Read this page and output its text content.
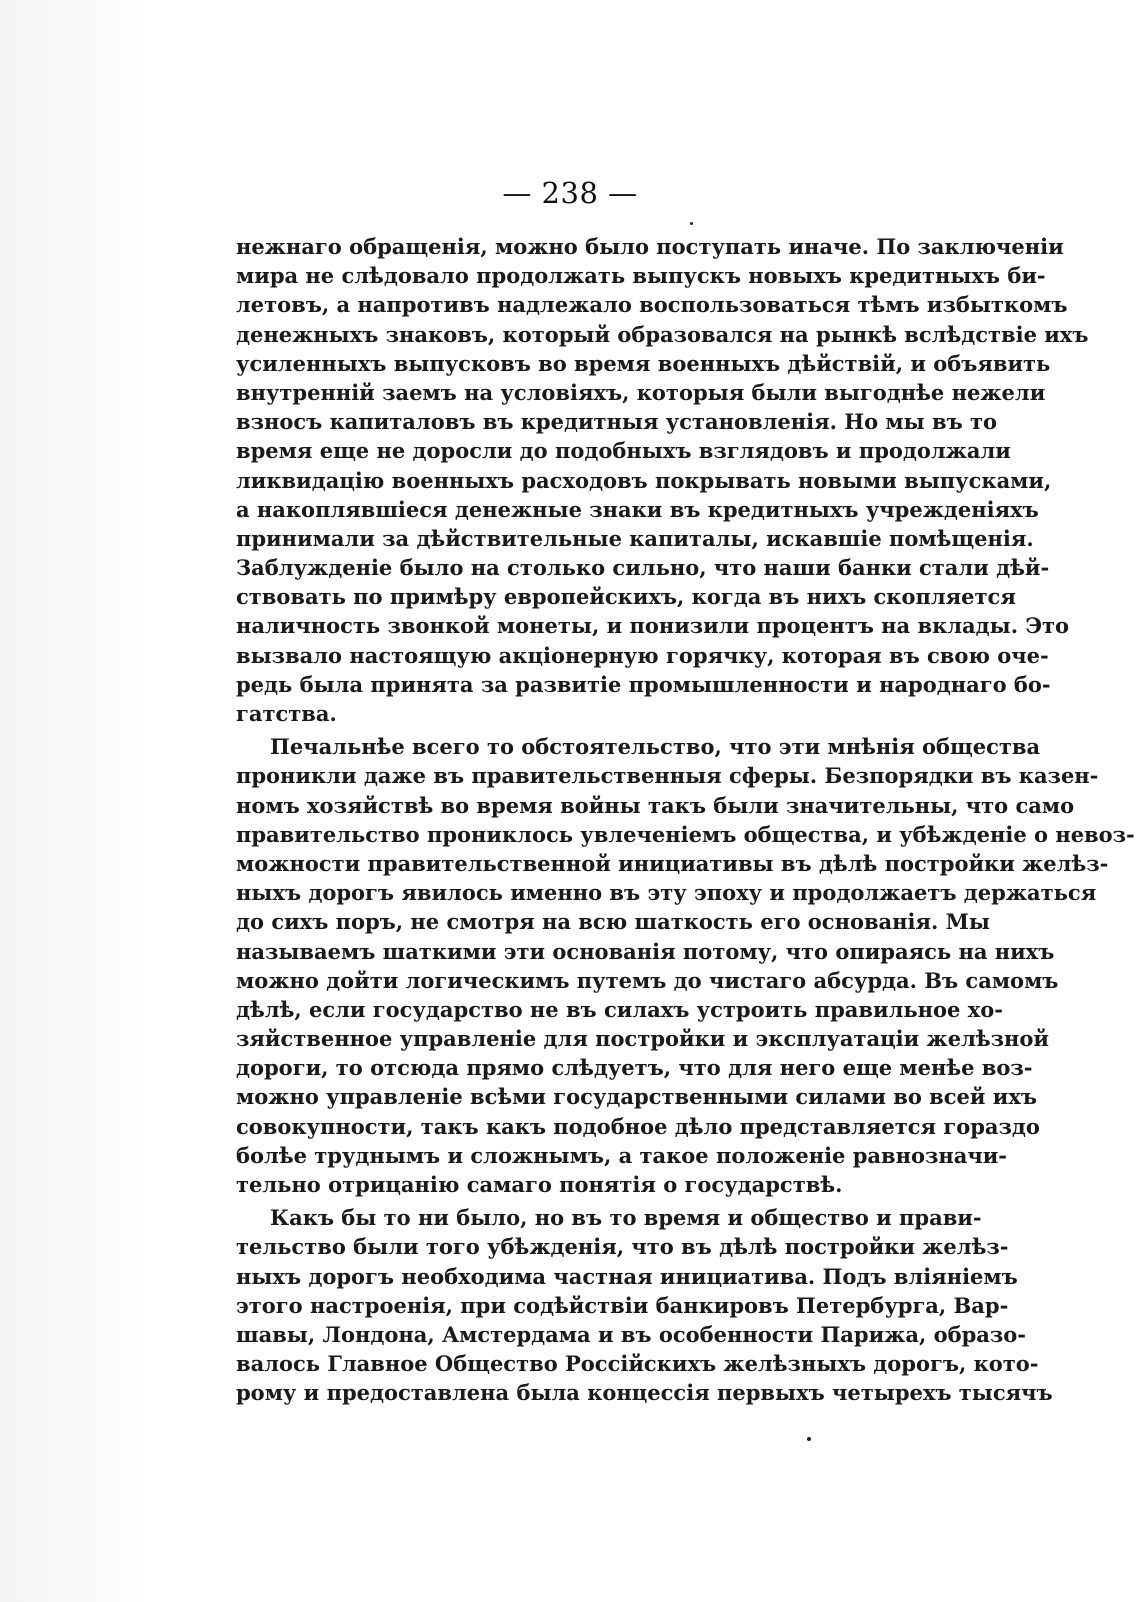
— 238 —
нежнаго обращенія, можно было поступать иначе. По заключеніи
мира не слѣдовало продолжать выпускъ новыхъ кредитныхъ би-
летовъ, а напротивъ надлежало воспользоваться тѣмъ избыткомъ
денежныхъ знаковъ, который образовался на рынкѣ вслѣдствіе ихъ
усиленныхъ выпусковъ во время военныхъ дѣйствій, и объявить
внутренній заемъ на условіяхъ, которыя были выгоднѣе нежели
взносъ капиталовъ въ кредитныя установленія. Но мы въ то
время еще не доросли до подобныхъ взглядовъ и продолжали
ликвидацію военныхъ расходовъ покрывать новыми выпусками,
а накоплявшіеся денежные знаки въ кредитныхъ учрежденіяхъ
принимали за дѣйствительные капиталы, искавшіе помѣщенія.
Заблужденіе было на столько сильно, что наши банки стали дѣй-
ствовать по примѣру европейскихъ, когда въ нихъ скопляется
наличность звонкой монеты, и понизили процентъ на вклады. Это
вызвало настоящую акціонерную горячку, которая въ свою оче-
редь была принята за развитіе промышленности и народнаго бо-
гатства.
Печальнѣе всего то обстоятельство, что эти мнѣнія общества
проникли даже въ правительственныя сферы. Безпорядки въ казен-
номъ хозяйствѣ во время войны такъ были значительны, что само
правительство прониклось увлеченіемъ общества, и убѣжденіе о невоз-
можности правительственной инициативы въ дѣлѣ постройки желѣз-
ныхъ дорогъ явилось именно въ эту эпоху и продолжаетъ держаться
до сихъ поръ, не смотря на всю шаткость его основанія. Мы
называемъ шаткими эти основанія потому, что опираясь на нихъ
можно дойти логическимъ путемъ до чистаго абсурда. Въ самомъ
дѣлѣ, если государство не въ силахъ устроить правильное хо-
зяйственное управленіе для постройки и эксплуатаціи желѣзной
дороги, то отсюда прямо слѣдуетъ, что для него еще менѣе воз-
можно управленіе всѣми государственными силами во всей ихъ
совокупности, такъ какъ подобное дѣло представляется гораздо
болѣе труднымъ и сложнымъ, а такое положеніе равнозначи-
тельно отрицанію самаго понятія о государствѣ.
Какъ бы то ни было, но въ то время и общество и прави-
тельство были того убѣжденія, что въ дѣлѣ постройки желѣз-
ныхъ дорогъ необходима частная инициатива. Подъ вліяніемъ
этого настроенія, при содѣйствіи банкировъ Петербурга, Вар-
шавы, Лондона, Амстердама и въ особенности Парижа, образо-
валось Главное Общество Россійскихъ желѣзныхъ дорогъ, кото-
рому и предоставлена была концессія первыхъ четырехъ тысячъ
